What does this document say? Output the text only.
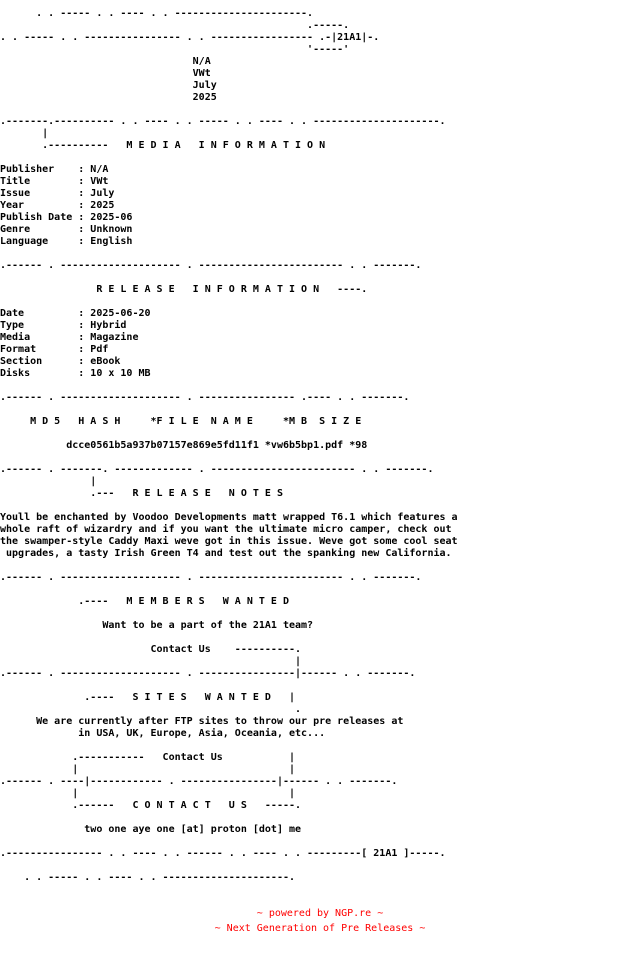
. . ----- . . ---- . . ----------------------.
.-----.
. . ----- . . ---------------- . . ----------------- .-|21A1|-.
'-----'
N/A
VWt
July
2025
.-------.---------- . . ---- . . ----- . . ---- . . ---------------------.
|
.----------   M E D I A   I N F O R M A T I O N
Publisher    : N/A
Title        : VWt
Issue        : July
Year         : 2025
Publish Date : 2025-06
Genre        : Unknown
Language     : English
.------ . -------------------- . ------------------------ . . -------.
R E L E A S E   I N F O R M A T I O N   ----.
Date         : 2025-06-20
Type         : Hybrid
Media        : Magazine
Format       : Pdf
Section      : eBook
Disks        : 10 x 10 MB
.------ . -------------------- . ---------------- .---- . . -------.
M D 5   H A S H     *F I L E  N A M E     *M B  S I Z E
dcce0561b5a937b07157e869e5fd11f1 *vw6b5bp1.pdf *98
.------ . -------. ------------- . ------------------------ . . -------.
|
.---   R E L E A S E   N O T E S
Youll be enchanted by Voodoo Developments matt wrapped T6.1 which features a
whole raft of wizardry and if you want the ultimate micro camper, check out
the swamper-style Caddy Maxi weve got in this issue. Weve got some cool seat
upgrades, a tasty Irish Green T4 and test out the spanking new California.
.------ . -------------------- . ------------------------ . . -------.
.----   M E M B E R S   W A N T E D
Want to be a part of the 21A1 team?
Contact Us    ----------.
|
.------ . -------------------- . ----------------|------ . . -------.
.----   S I T E S   W A N T E D   |
.
We are currently after FTP sites to throw our pre releases at
in USA, UK, Europe, Asia, Oceania, etc...
.-----------   Contact Us           |
|                                   |
.------ . ----|------------ . ----------------|------ . . -------.
|                                   |
.------   C O N T A C T   U S   -----.
two one aye one [at] proton [dot] me
.---------------- . . ---- . . ------ . . ---- . . ---------[ 21A1 ]-----.
. . ----- . . ---- . . ---------------------.
~ powered by NGP.re ~
~ Next Generation of Pre Releases ~
